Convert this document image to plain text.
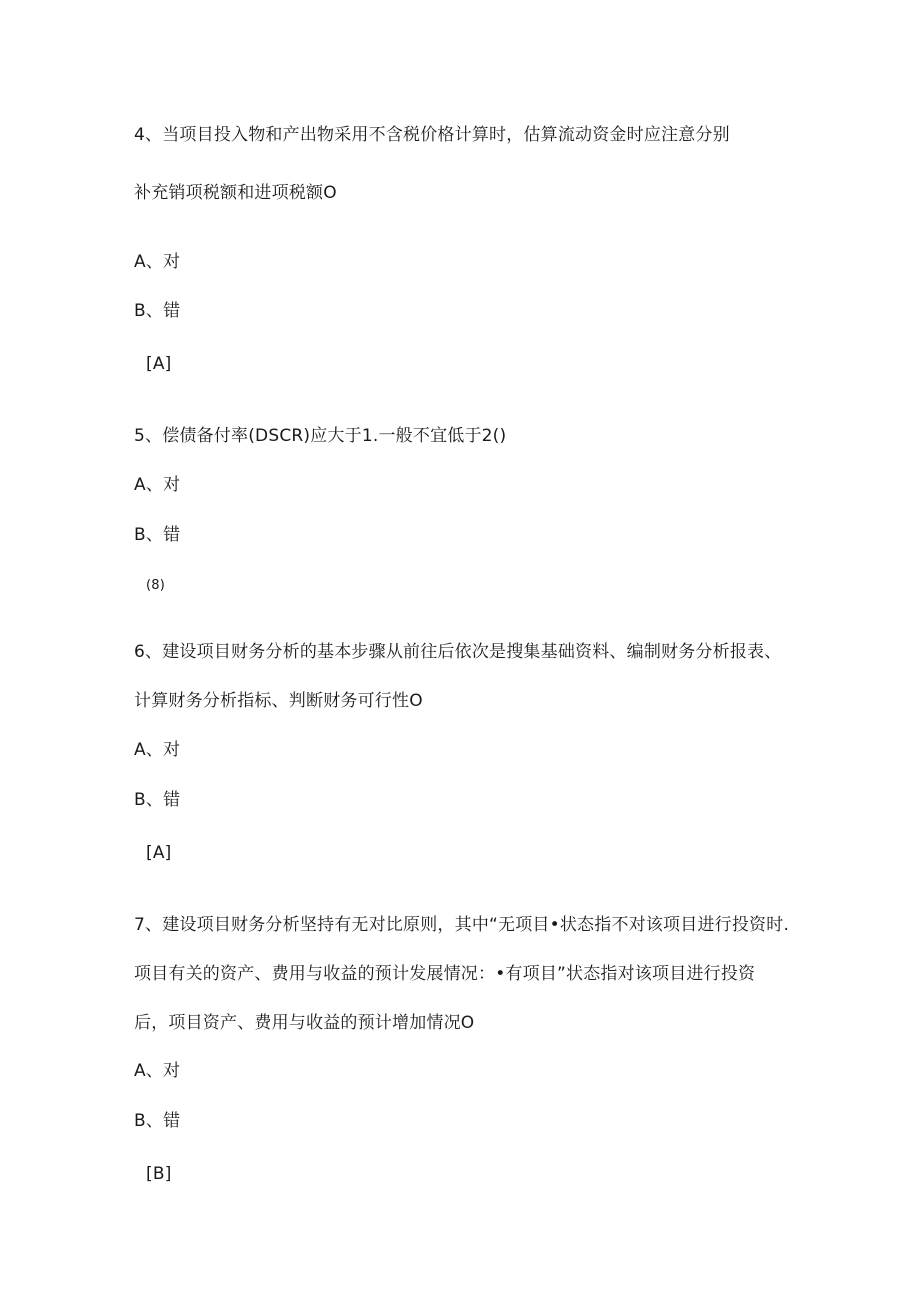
4、当项目投入物和产出物采用不含税价格计算时，估算流动资金时应注意分别
补充销项税额和进项税额O
A、对
B、错
[A]
5、偿债备付率(DSCR)应大于1.一般不宜低于2()
A、对
B、错
(8)
6、建设项目财务分析的基本步骤从前往后依次是搜集基础资料、编制财务分析报表、
计算财务分析指标、判断财务可行性O
A、对
B、错
[A]
7、建设项目财务分析坚持有无对比原则，其中“无项目•状态指不对该项目进行投资时.
项目有关的资产、费用与收益的预计发展情况：•有项目”状态指对该项目进行投资
后，项目资产、费用与收益的预计增加情况O
A、对
B、错
[B]
